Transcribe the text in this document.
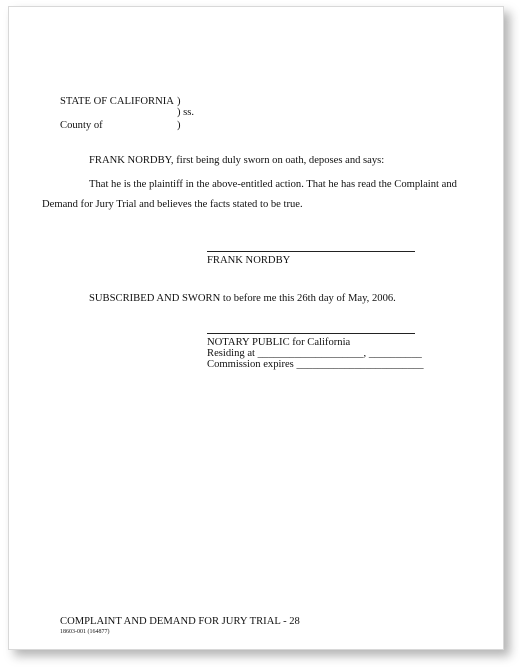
STATE OF CALIFORNIA )
) ss.
County of	)
FRANK NORDBY, first being duly sworn on oath, deposes and says:
That he is the plaintiff in the above-entitled action. That he has read the Complaint and
Demand for Jury Trial and believes the facts stated to be true.
FRANK NORDBY
SUBSCRIBED AND SWORN to before me this 26th day of May, 2006.
NOTARY PUBLIC for California
Residing at ____________________, __________
Commission expires ________________________
COMPLAINT AND DEMAND FOR JURY TRIAL - 28
18603-001 (164877)
